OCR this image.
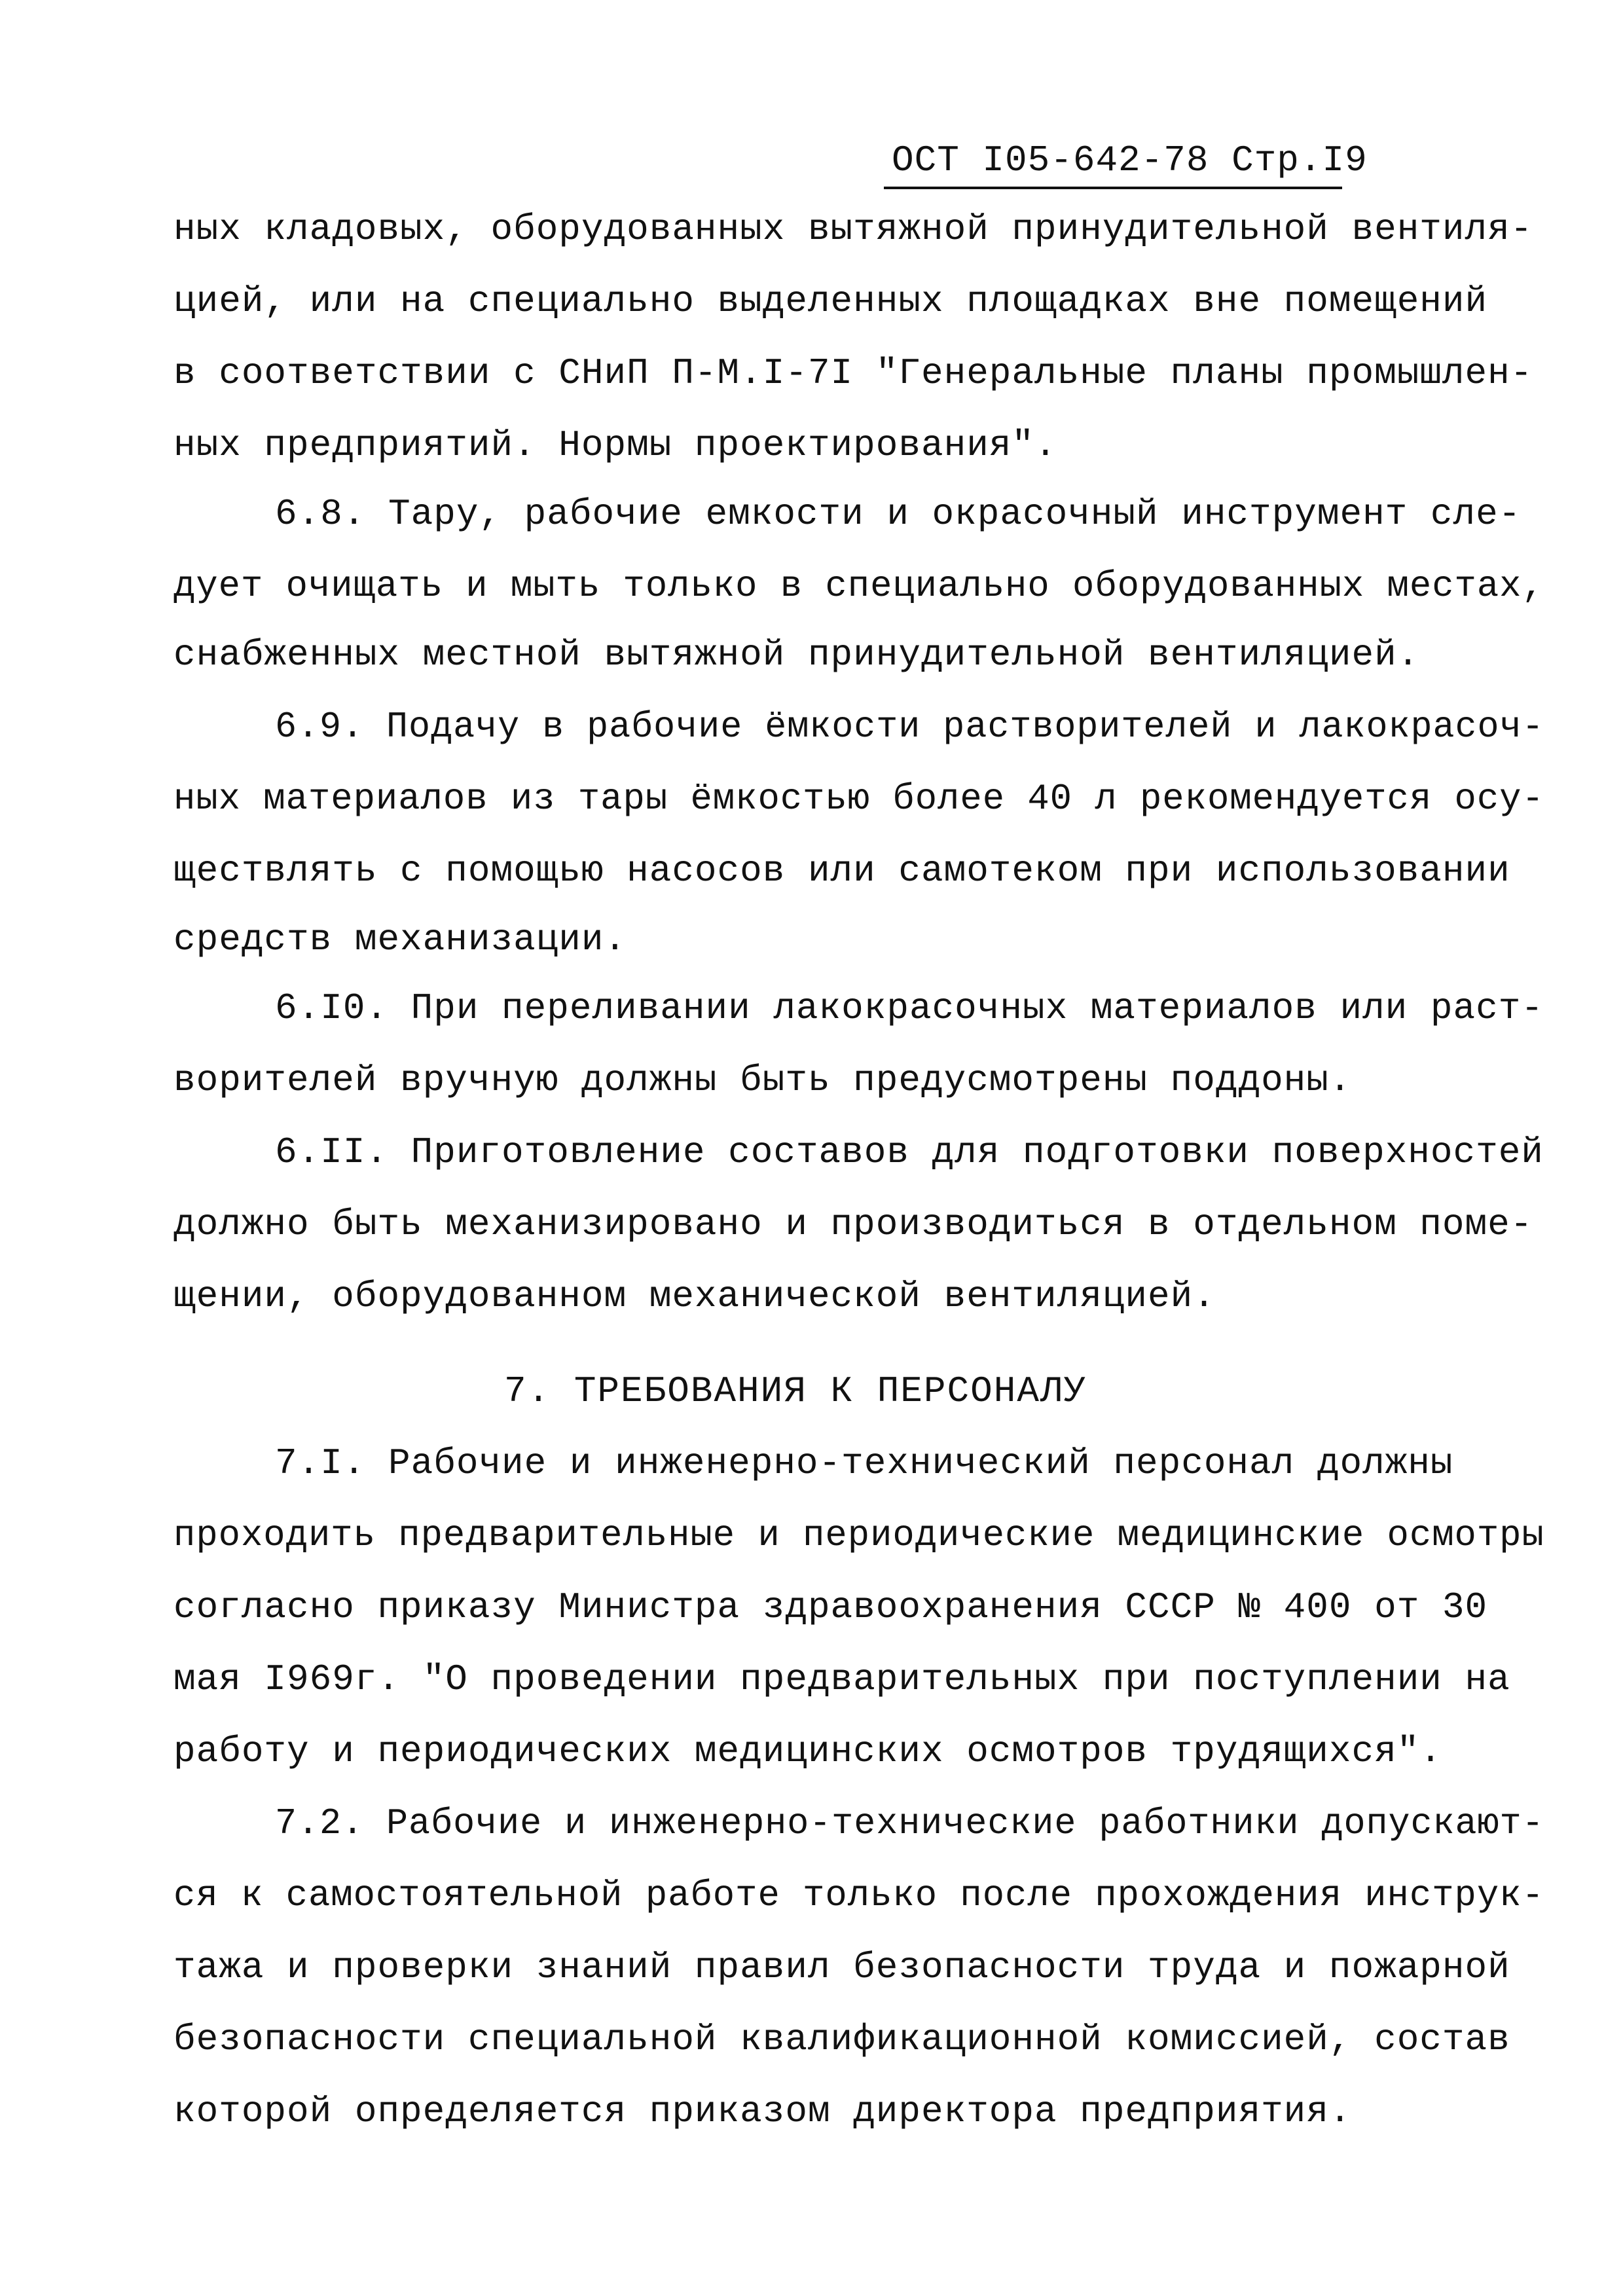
ОСТ I05-642-78 Стр.I9
ных кладовых, оборудованных вытяжной принудительной вентиля-
цией, или на специально выделенных площадках вне помещений
в соответствии с СНиП П-М.I-7I "Генеральные планы промышлен-
ных предприятий. Нормы проектирования".
6.8. Тару, рабочие емкости и окрасочный инструмент сле-
дует очищать и мыть только в специально оборудованных местах,
снабженных местной вытяжной принудительной вентиляцией.
6.9. Подачу в рабочие ёмкости растворителей и лакокрасоч-
ных материалов из тары ёмкостью более 40 л рекомендуется осу-
ществлять с помощью насосов или самотеком при использовании
средств механизации.
6.I0. При переливании лакокрасочных материалов или раст-
ворителей вручную должны быть предусмотрены поддоны.
6.II. Приготовление составов для подготовки поверхностей
должно быть механизировано и производиться в отдельном поме-
щении, оборудованном механической вентиляцией.
7. ТРЕБОВАНИЯ К ПЕРСОНАЛУ
7.I. Рабочие и инженерно-технический персонал должны
проходить предварительные и периодические медицинские осмотры
согласно приказу Министра здравоохранения СССР № 400 от 30
мая I969г. "О проведении предварительных при поступлении на
работу и периодических медицинских осмотров трудящихся".
7.2. Рабочие и инженерно-технические работники допускают-
ся к самостоятельной работе только после прохождения инструк-
тажа и проверки знаний правил безопасности труда и пожарной
безопасности специальной квалификационной комиссией, состав
которой определяется приказом директора предприятия.
